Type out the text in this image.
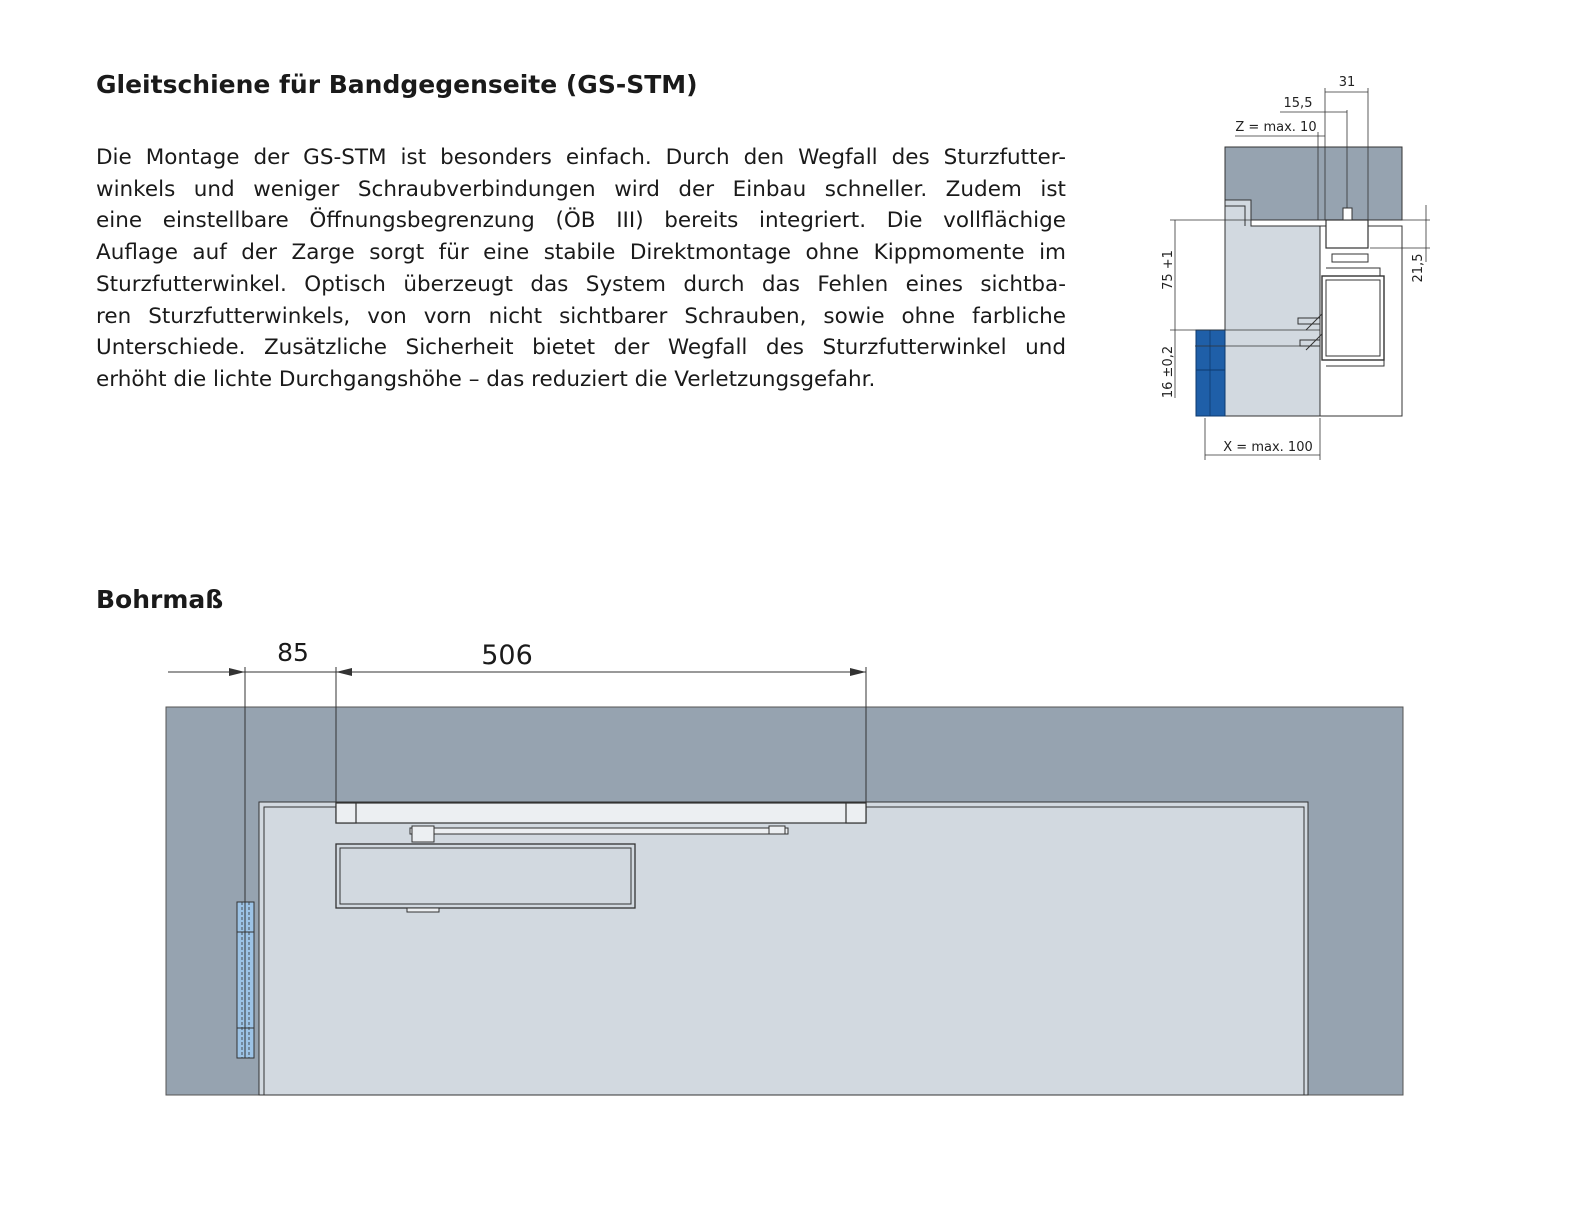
Gleitschiene für Bandgegenseite (GS-STM)

Die Montage der GS-STM ist besonders einfach. Durch den Wegfall des Sturzfutter-
winkels und weniger Schraubverbindungen wird der Einbau schneller. Zudem ist
eine einstellbare Öffnungsbegrenzung (ÖB III) bereits integriert. Die vollflächige
Auflage auf der Zarge sorgt für eine stabile Direktmontage ohne Kippmomente im
Sturzfutterwinkel. Optisch überzeugt das System durch das Fehlen eines sichtba-
ren Sturzfutterwinkels, von vorn nicht sichtbarer Schrauben, sowie ohne farbliche
Unterschiede. Zusätzliche Sicherheit bietet der Wegfall des Sturzfutterwinkel und
erhöht die lichte Durchgangshöhe – das reduziert die Verletzungsgefahr.

31
15,5
Z = max. 10
75 +1
16 ±0,2
21,5
X = max. 100
Bohrmaß
85	506
